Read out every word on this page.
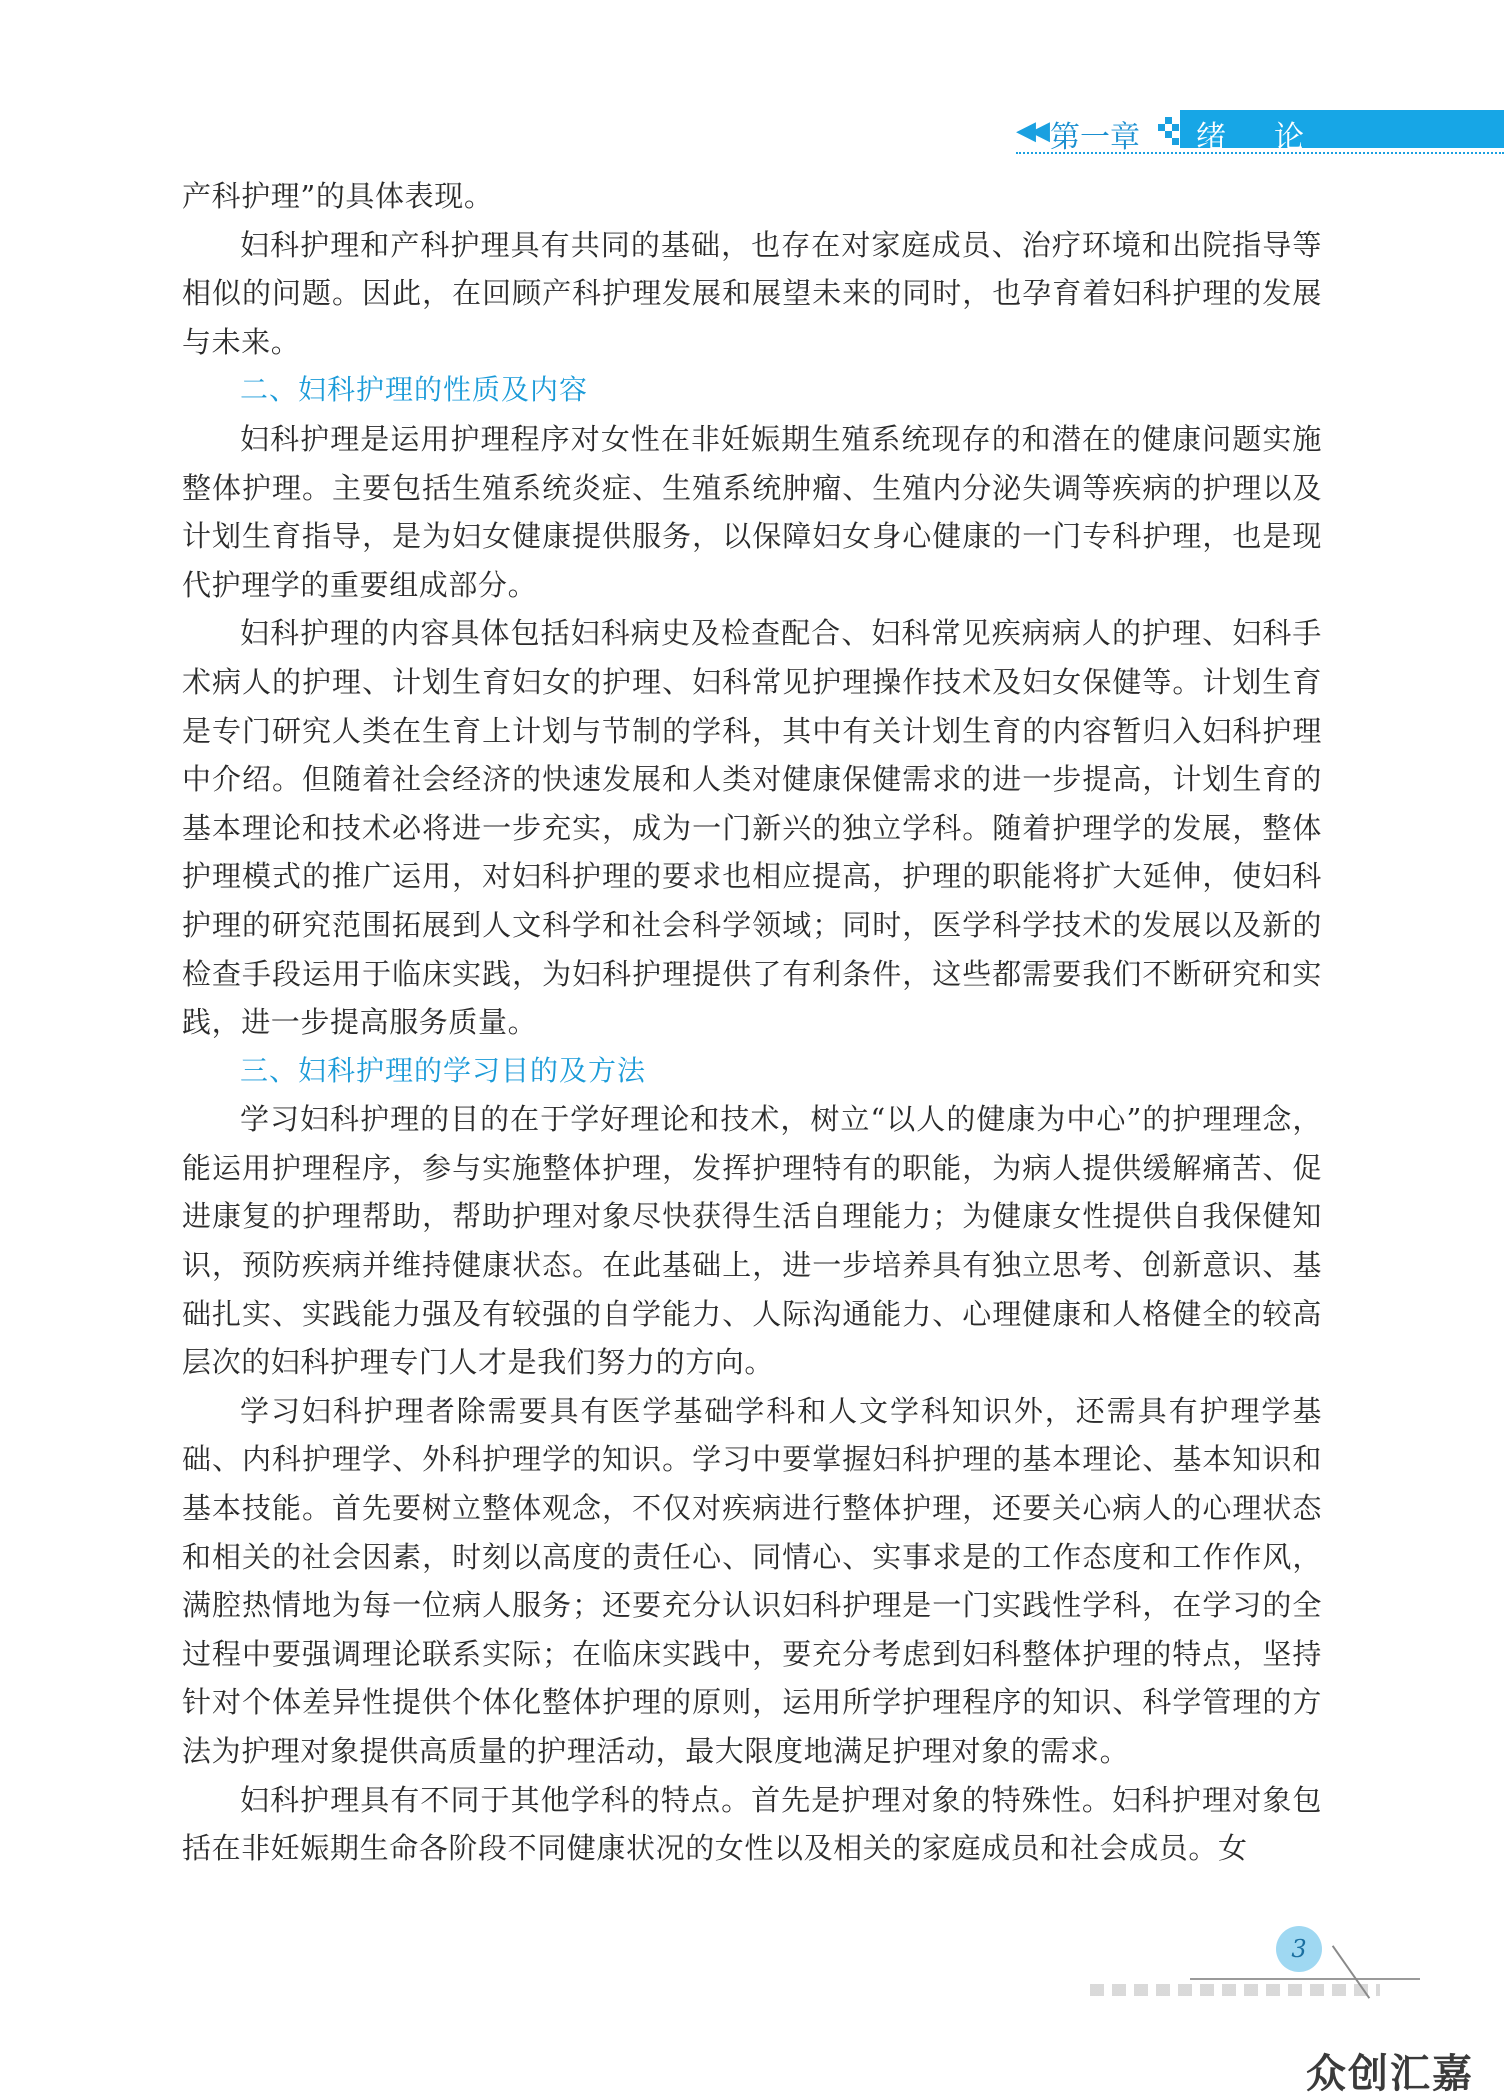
◀◀ 第一章 绪论

产科护理”的具体表现。

妇科护理和产科护理具有共同的基础，也存在对家庭成员、治疗环境和出院指导等相似的问题。因此，在回顾产科护理发展和展望未来的同时，也孕育着妇科护理的发展与未来。

二、妇科护理的性质及内容

妇科护理是运用护理程序对女性在非妊娠期生殖系统现存的和潜在的健康问题实施整体护理。主要包括生殖系统炎症、生殖系统肿瘤、生殖内分泌失调等疾病的护理以及计划生育指导，是为妇女健康提供服务，以保障妇女身心健康的一门专科护理，也是现代护理学的重要组成部分。

妇科护理的内容具体包括妇科病史及检查配合、妇科常见疾病病人的护理、妇科手术病人的护理、计划生育妇女的护理、妇科常见护理操作技术及妇女保健等。计划生育是专门研究人类在生育上计划与节制的学科，其中有关计划生育的内容暂归入妇科护理中介绍。但随着社会经济的快速发展和人类对健康保健需求的进一步提高，计划生育的基本理论和技术必将进一步充实，成为一门新兴的独立学科。随着护理学的发展，整体护理模式的推广运用，对妇科护理的要求也相应提高，护理的职能将扩大延伸，使妇科护理的研究范围拓展到人文科学和社会科学领域；同时，医学科学技术的发展以及新的检查手段运用于临床实践，为妇科护理提供了有利条件，这些都需要我们不断研究和实践，进一步提高服务质量。

三、妇科护理的学习目的及方法

学习妇科护理的目的在于学好理论和技术，树立“以人的健康为中心”的护理理念，能运用护理程序，参与实施整体护理，发挥护理特有的职能，为病人提供缓解痛苦、促进康复的护理帮助，帮助护理对象尽快获得生活自理能力；为健康女性提供自我保健知识，预防疾病并维持健康状态。在此基础上，进一步培养具有独立思考、创新意识、基础扎实、实践能力强及有较强的自学能力、人际沟通能力、心理健康和人格健全的较高层次的妇科护理专门人才是我们努力的方向。

学习妇科护理者除需要具有医学基础学科和人文学科知识外，还需具有护理学基础、内科护理学、外科护理学的知识。学习中要掌握妇科护理的基本理论、基本知识和基本技能。首先要树立整体观念，不仅对疾病进行整体护理，还要关心病人的心理状态和相关的社会因素，时刻以高度的责任心、同情心、实事求是的工作态度和工作作风，满腔热情地为每一位病人服务；还要充分认识妇科护理是一门实践性学科，在学习的全过程中要强调理论联系实际；在临床实践中，要充分考虑到妇科整体护理的特点，坚持针对个体差异性提供个体化整体护理的原则，运用所学护理程序的知识、科学管理的方法为护理对象提供高质量的护理活动，最大限度地满足护理对象的需求。

妇科护理具有不同于其他学科的特点。首先是护理对象的特殊性。妇科护理对象包括在非妊娠期生命各阶段不同健康状况的女性以及相关的家庭成员和社会成员。女

3
众创汇嘉
